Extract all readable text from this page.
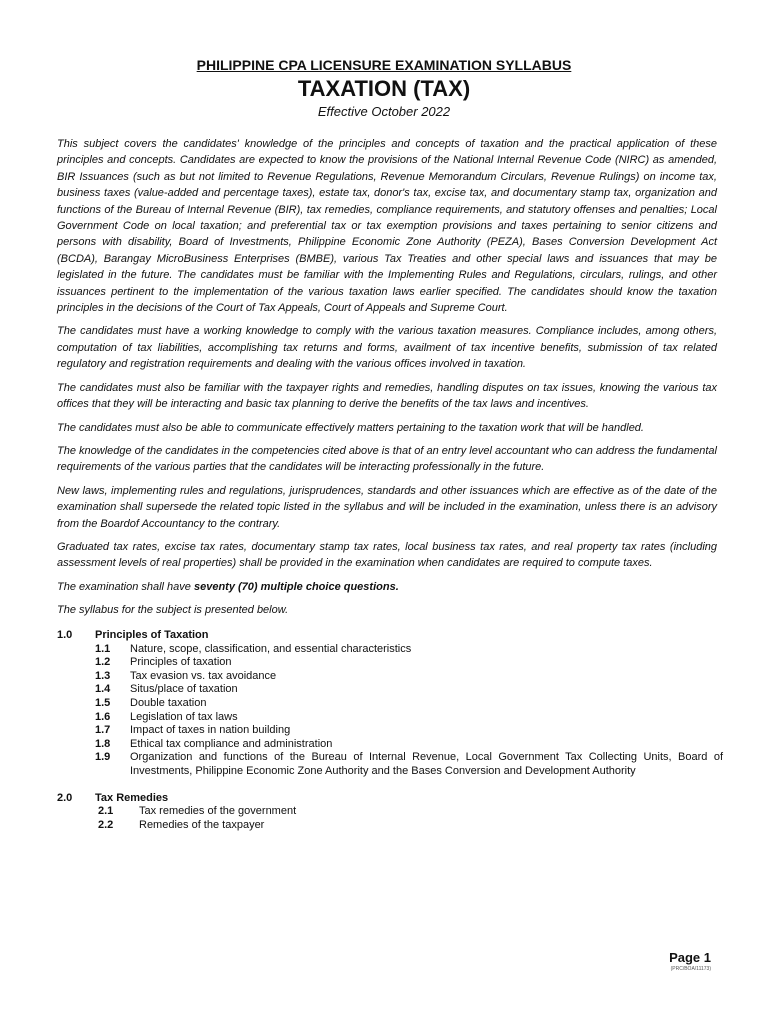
PHILIPPINE CPA LICENSURE EXAMINATION SYLLABUS
TAXATION (TAX)
Effective October 2022

This subject covers the candidates' knowledge of the principles and concepts of taxation and the practical application of these principles and concepts. Candidates are expected to know the provisions of the National Internal Revenue Code (NIRC) as amended, BIR Issuances (such as but not limited to Revenue Regulations, Revenue Memorandum Circulars, Revenue Rulings) on income tax, business taxes (value-added and percentage taxes), estate tax, donor's tax, excise tax, and documentary stamp tax, organization and functions of the Bureau of Internal Revenue (BIR), tax remedies, compliance requirements, and statutory offenses and penalties; Local Government Code on local taxation; and preferential tax or tax exemption provisions and taxes pertaining to senior citizens and persons with disability, Board of Investments, Philippine Economic Zone Authority (PEZA), Bases Conversion Development Act (BCDA), Barangay MicroBusiness Enterprises (BMBE), various Tax Treaties and other special laws and issuances that may be legislated in the future. The candidates must be familiar with the Implementing Rules and Regulations, circulars, rulings, and other issuances pertinent to the implementation of the various taxation laws earlier specified. The candidates should know the taxation principles in the decisions of the Court of Tax Appeals, Court of Appeals and Supreme Court.

The candidates must have a working knowledge to comply with the various taxation measures. Compliance includes, among others, computation of tax liabilities, accomplishing tax returns and forms, availment of tax incentive benefits, submission of tax related regulatory and registration requirements and dealing with the various offices involved in taxation.

The candidates must also be familiar with the taxpayer rights and remedies, handling disputes on tax issues, knowing the various tax offices that they will be interacting and basic tax planning to derive the benefits of the tax laws and incentives.

The candidates must also be able to communicate effectively matters pertaining to the taxation work that will be handled.

The knowledge of the candidates in the competencies cited above is that of an entry level accountant who can address the fundamental requirements of the various parties that the candidates will be interacting professionally in the future.

New laws, implementing rules and regulations, jurisprudences, standards and other issuances which are effective as of the date of the examination shall supersede the related topic listed in the syllabus and will be included in the examination, unless there is an advisory from the Boardof Accountancy to the contrary.

Graduated tax rates, excise tax rates, documentary stamp tax rates, local business tax rates, and real property tax rates (including assessment levels of real properties) shall be provided in the examination when candidates are required to compute taxes.

The examination shall have seventy (70) multiple choice questions.

The syllabus for the subject is presented below.

1.0	Principles of Taxation
1.1	Nature, scope, classification, and essential characteristics
1.2	Principles of taxation
1.3	Tax evasion vs. tax avoidance
1.4	Situs/place of taxation
1.5	Double taxation
1.6	Legislation of tax laws
1.7	Impact of taxes in nation building
1.8	Ethical tax compliance and administration
1.9	Organization and functions of the Bureau of Internal Revenue, Local Government Tax Collecting Units, Board of Investments, Philippine Economic Zone Authority and the Bases Conversion and Development Authority
2.0	Tax Remedies
2.1	Tax remedies of the government
2.2	Remedies of the taxpayer
Page 1
(PRC/BOA/11173)
